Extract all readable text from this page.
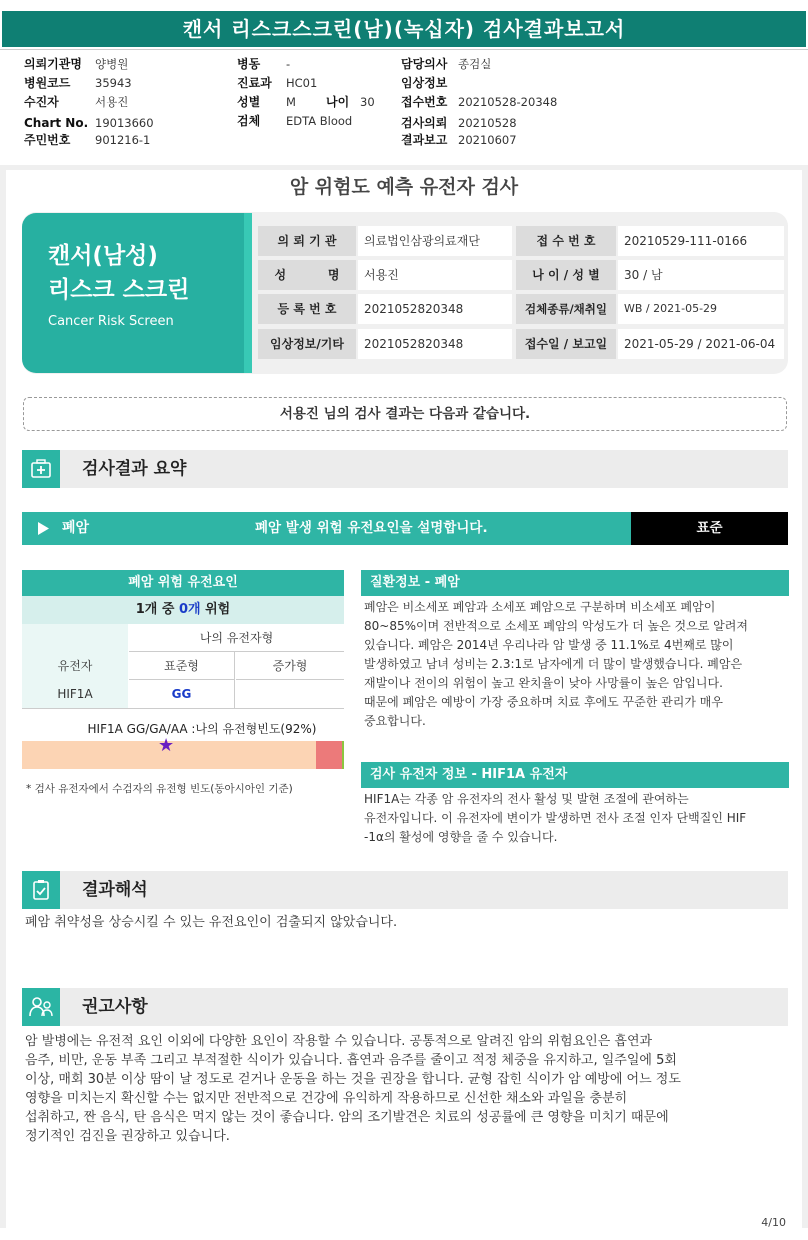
캔서 리스크스크린(남)(녹십자) 검사결과보고서
의뢰기관명 양병원
병원코드 35943
수진자	서용진
Chart No. 19013660
주민번호 901216-1
병동 -
진료과 HC01
성별 M	나이 30
검체 EDTA Blood
담당의사 종검실
임상정보
접수번호 20210528-20348
검사의뢰 20210528
결과보고 20210607
암 위험도 예측 유전자 검사
캔서(남성)
리스크 스크린
Cancer Risk Screen
의 뢰 기 관	의료법인삼광의료재단	접 수 번 호	20210529-111-0166
성          명	서용진	나 이 / 성 별	30 / 남
등 록 번 호	2021052820348	검체종류/채취일	WB / 2021-05-29
임상정보/기타	2021052820348	접수일 / 보고일	2021-05-29 / 2021-06-04
서용진 님의 검사 결과는 다음과 같습니다.
검사결과 요약
폐암	폐암 발생 위험 유전요인을 설명합니다.	표준
폐암 위험 유전요인
1개 중 0개 위험
나의 유전자형
유전자	표준형	증가형
HIF1A	GG
HIF1A GG/GA/AA :나의 유전형빈도(92%)
★
* 검사 유전자에서 수검자의 유전형 빈도(동아시아인 기준)
질환정보 - 폐암
폐암은 비소세포 폐암과 소세포 폐암으로 구분하며 비소세포 폐암이
80~85%이며 전반적으로 소세포 폐암의 악성도가 더 높은 것으로 알려져
있습니다. 폐암은 2014년 우리나라 암 발생 중 11.1%로 4번째로 많이
발생하였고 남녀 성비는 2.3:1로 남자에게 더 많이 발생했습니다. 폐암은
재발이나 전이의 위험이 높고 완치율이 낮아 사망률이 높은 암입니다.
때문에 폐암은 예방이 가장 중요하며 치료 후에도 꾸준한 관리가 매우
중요합니다.
검사 유전자 정보 - HIF1A 유전자
HIF1A는 각종 암 유전자의 전사 활성 및 발현 조절에 관여하는
유전자입니다. 이 유전자에 변이가 발생하면 전사 조절 인자 단백질인 HIF
-1α의 활성에 영향을 줄 수 있습니다.
결과해석
폐암 취약성을 상승시킬 수 있는 유전요인이 검출되지 않았습니다.
권고사항
암 발병에는 유전적 요인 이외에 다양한 요인이 작용할 수 있습니다. 공통적으로 알려진 암의 위험요인은 흡연과
음주, 비만, 운동 부족 그리고 부적절한 식이가 있습니다. 흡연과 음주를 줄이고 적정 체중을 유지하고, 일주일에 5회
이상, 매회 30분 이상 땀이 날 정도로 걷거나 운동을 하는 것을 권장을 합니다. 균형 잡힌 식이가 암 예방에 어느 정도
영향을 미치는지 확신할 수는 없지만 전반적으로 건강에 유익하게 작용하므로 신선한 채소와 과일을 충분히
섭취하고, 짠 음식, 탄 음식은 먹지 않는 것이 좋습니다. 암의 조기발견은 치료의 성공률에 큰 영향을 미치기 때문에
정기적인 검진을 권장하고 있습니다.
4/10
